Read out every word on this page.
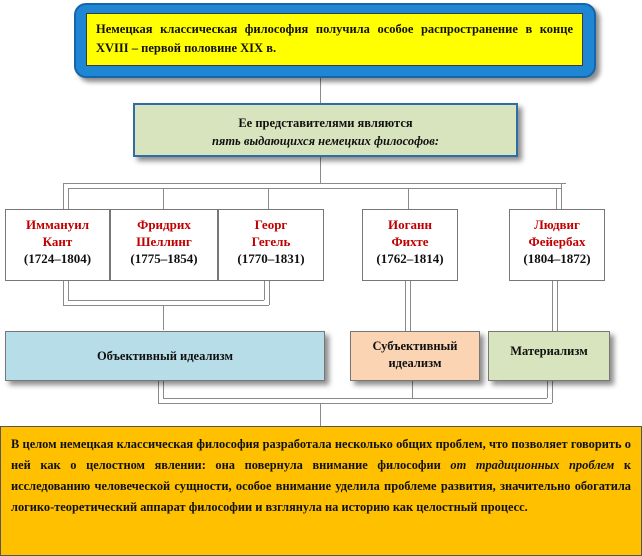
Немецкая классическая философия получила особое распространение в конце XVIII – первой половине XIX в.
Ее представителями являются
пять выдающихся немецких философов:
Иммануил
Кант
(1724–1804)
Фридрих
Шеллинг
(1775–1854)
Георг
Гегель
(1770–1831)
Иоганн
Фихте
(1762–1814)
Людвиг
Фейербах
(1804–1872)
Объективный идеализм
Субъективный идеализм
Материализм
В целом немецкая классическая философия разработала несколько общих проблем, что позволяет говорить о ней как о целостном явлении: она повернула внимание философии от традиционных проблем к исследованию человеческой сущности, особое внимание уделила проблеме развития, значительно обогатила логико-теоретический аппарат философии и взглянула на историю как целостный процесс.
